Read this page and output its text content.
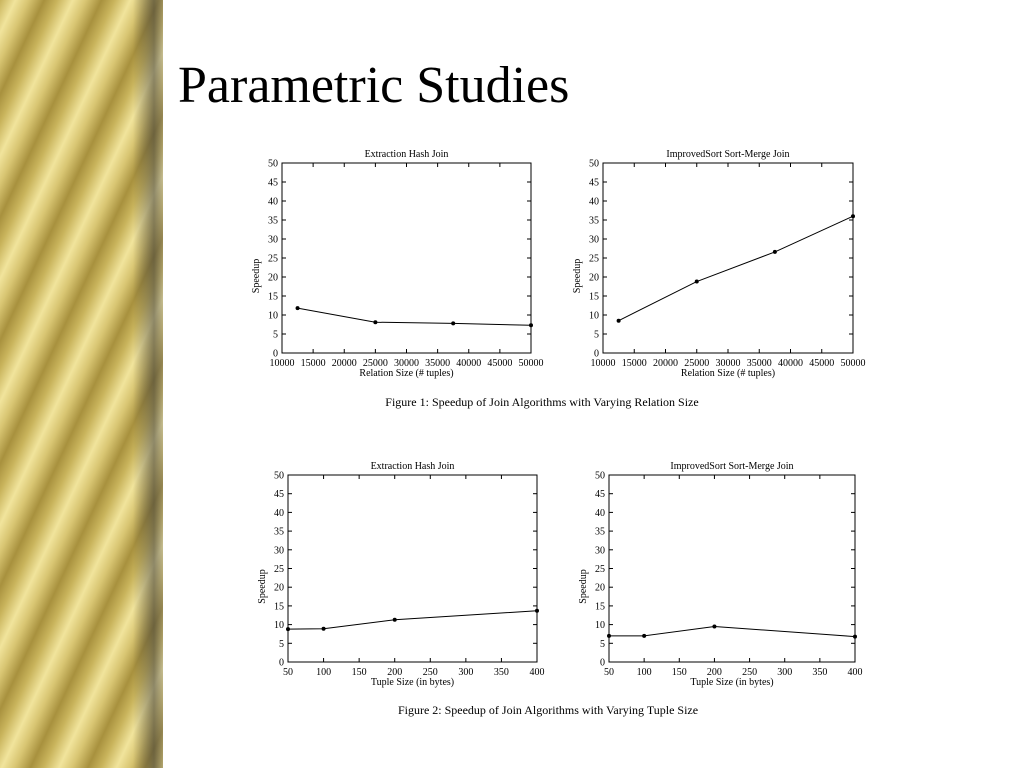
Parametric Studies
Extraction Hash Join
0
5
10
15
20
25
30
35
40
45
50
10000 15000 20000 25000 30000 35000 40000 45000 50000
Relation Size (# tuples)
Speedup
ImprovedSort Sort-Merge Join
0
5
10
15
20
25
30
35
40
45
50
10000 15000 20000 25000 30000 35000 40000 45000 50000
Relation Size (# tuples)
Speedup
Figure 1: Speedup of Join Algorithms with Varying Relation Size
Extraction Hash Join
0
5
10
15
20
25
30
35
40
45
50
50 100 150 200 250 300 350 400
Tuple Size (in bytes)
Speedup
ImprovedSort Sort-Merge Join
0
5
10
15
20
25
30
35
40
45
50
50 100 150 200 250 300 350 400
Tuple Size (in bytes)
Speedup
Figure 2: Speedup of Join Algorithms with Varying Tuple Size
